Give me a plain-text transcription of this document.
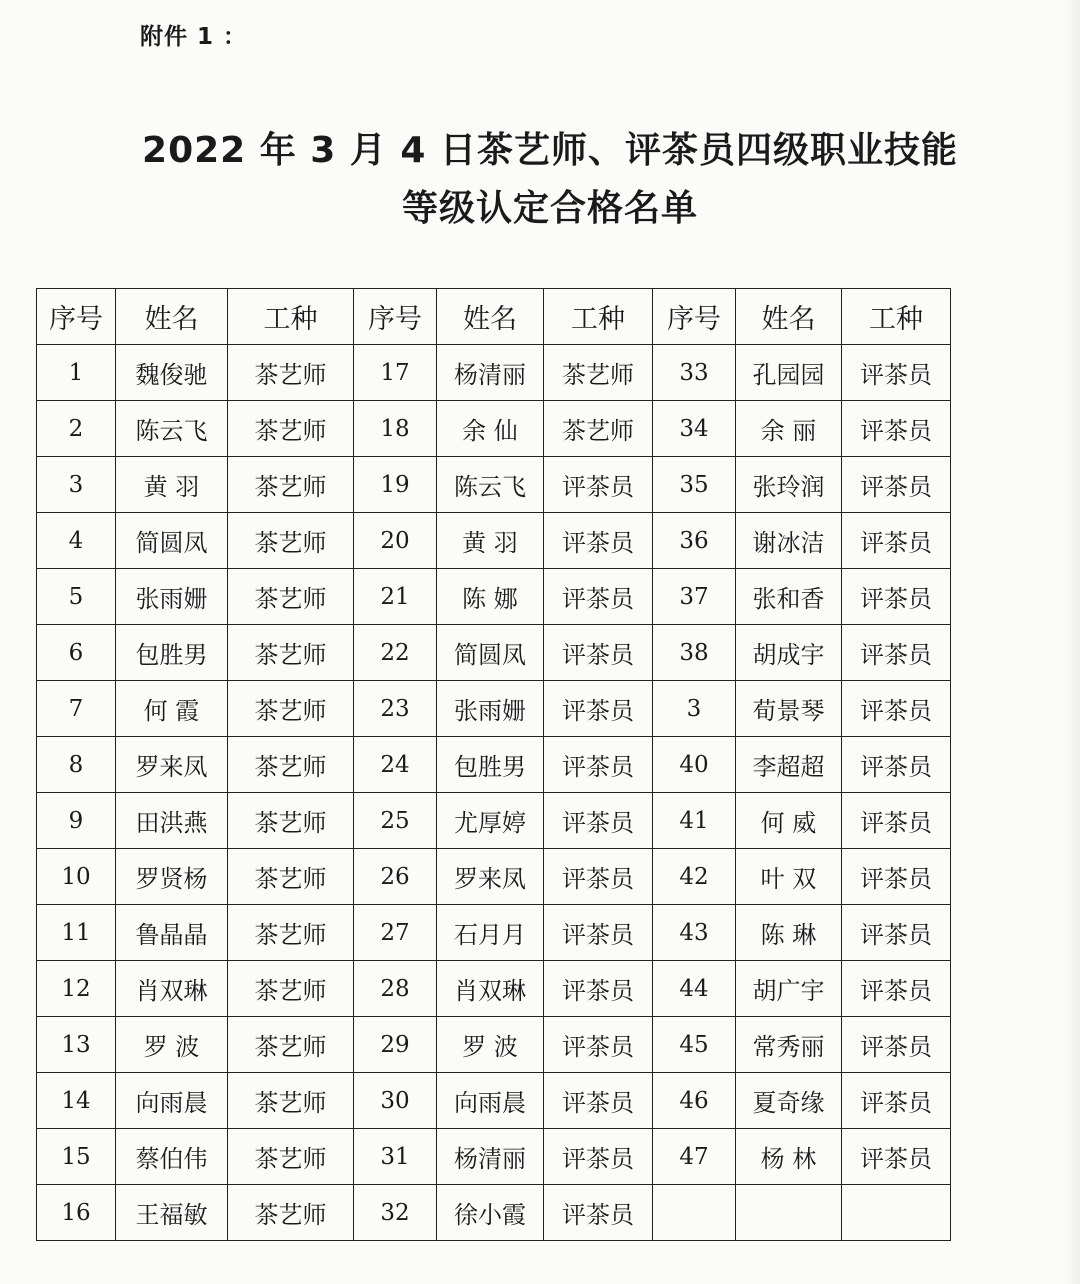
附件 1 ：
2022 年 3 月 4 日茶艺师、评茶员四级职业技能
等级认定合格名单
序号	姓名	工种	序号	姓名	工种	序号	姓名	工种
1	魏俊驰	茶艺师	17	杨清丽	茶艺师	33	孔园园	评茶员
2	陈云飞	茶艺师	18	余 仙	茶艺师	34	余 丽	评茶员
3	黄 羽	茶艺师	19	陈云飞	评茶员	35	张玲润	评茶员
4	简圆凤	茶艺师	20	黄 羽	评茶员	36	谢冰洁	评茶员
5	张雨姗	茶艺师	21	陈 娜	评茶员	37	张和香	评茶员
6	包胜男	茶艺师	22	简圆凤	评茶员	38	胡成宇	评茶员
7	何 霞	茶艺师	23	张雨姗	评茶员	3	荀景琴	评茶员
8	罗来凤	茶艺师	24	包胜男	评茶员	40	李超超	评茶员
9	田洪燕	茶艺师	25	尤厚婷	评茶员	41	何 威	评茶员
10	罗贤杨	茶艺师	26	罗来凤	评茶员	42	叶 双	评茶员
11	鲁晶晶	茶艺师	27	石月月	评茶员	43	陈 琳	评茶员
12	肖双琳	茶艺师	28	肖双琳	评茶员	44	胡广宇	评茶员
13	罗 波	茶艺师	29	罗 波	评茶员	45	常秀丽	评茶员
14	向雨晨	茶艺师	30	向雨晨	评茶员	46	夏奇缘	评茶员
15	蔡伯伟	茶艺师	31	杨清丽	评茶员	47	杨 林	评茶员
16	王福敏	茶艺师	32	徐小霞	评茶员			
